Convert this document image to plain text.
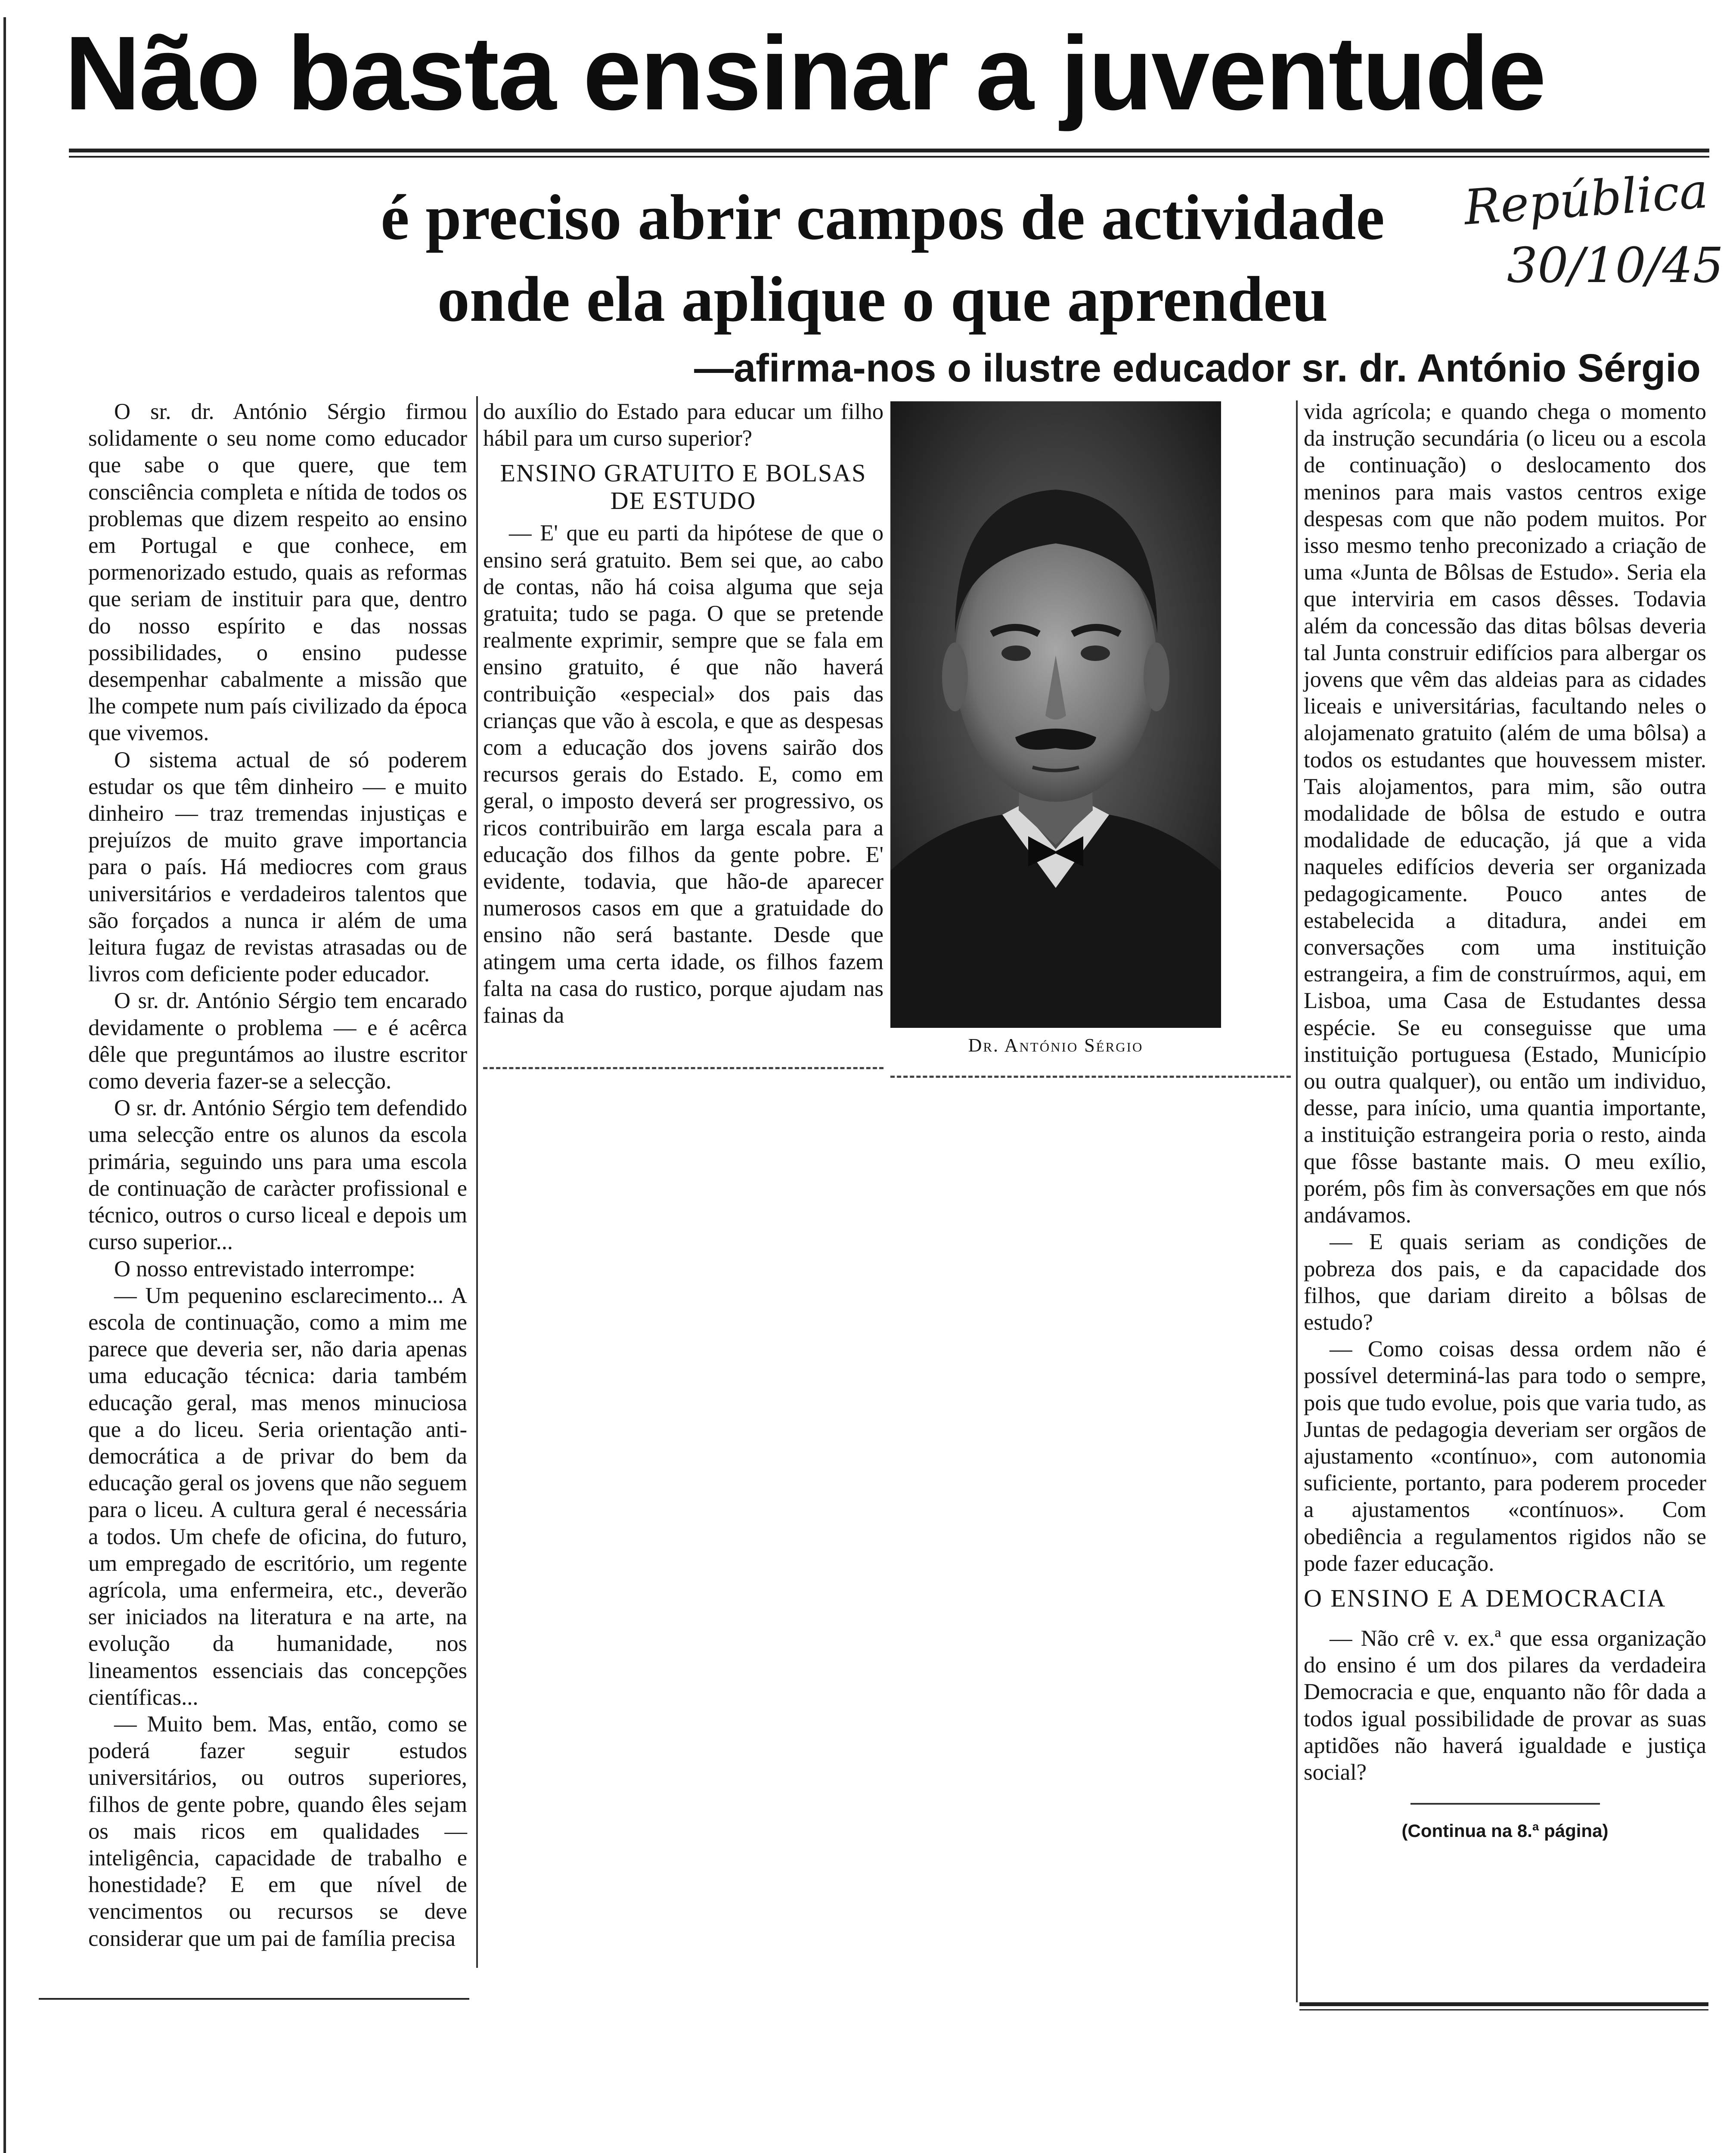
Não basta ensinar a juventude
é preciso abrir campos de actividade
onde ela aplique o que aprendeu
República
30/10/45
—afirma-nos o ilustre educador sr. dr. António Sérgio

O sr. dr. António Sérgio firmou solidamente o seu nome como educador que sabe o que quere, que tem consciência completa e nítida de todos os problemas que dizem respeito ao ensino em Portugal e que conhece, em pormenorizado estudo, quais as reformas que seriam de instituir para que, dentro do nosso espírito e das nossas possibilidades, o ensino pudesse desempenhar cabalmente a missão que lhe compete num país civilizado da época que vivemos.

O sistema actual de só poderem estudar os que têm dinheiro — e muito dinheiro — traz tremendas injustiças e prejuízos de muito grave importancia para o país. Há mediocres com graus universitários e verdadeiros talentos que são forçados a nunca ir além de uma leitura fugaz de revistas atrasadas ou de livros com deficiente poder educador.

O sr. dr. António Sérgio tem encarado devidamente o problema — e é acêrca dêle que preguntámos ao ilustre escritor como deveria fazer-se a selecção.

O sr. dr. António Sérgio tem defendido uma selecção entre os alunos da escola primária, seguindo uns para uma escola de continuação de caràcter profissional e técnico, outros o curso liceal e depois um curso superior...

O nosso entrevistado interrompe:

— Um pequenino esclarecimento... A escola de continuação, como a mim me parece que deveria ser, não daria apenas uma educação técnica: daria também educação geral, mas menos minuciosa que a do liceu. Seria orientação anti-democrática a de privar do bem da educação geral os jovens que não seguem para o liceu. A cultura geral é necessária a todos. Um chefe de oficina, do futuro, um empregado de escritório, um regente agrícola, uma enfermeira, etc., deverão ser iniciados na literatura e na arte, na evolução da humanidade, nos lineamentos essenciais das concepções científicas...

— Muito bem. Mas, então, como se poderá fazer seguir estudos universitários, ou outros superiores, filhos de gente pobre, quando êles sejam os mais ricos em qualidades — inteligência, capacidade de trabalho e honestidade? E em que nível de vencimentos ou recursos se deve considerar que um pai de família precisa

do auxílio do Estado para educar um filho hábil para um curso superior?

ENSINO GRATUITO E BOLSAS DE ESTUDO

— E' que eu parti da hipótese de que o ensino será gratuito. Bem sei que, ao cabo de contas, não há coisa alguma que seja gratuita; tudo se paga. O que se pretende realmente exprimir, sempre que se fala em ensino gratuito, é que não haverá contribuição «especial» dos pais das crianças que vão à escola, e que as despesas com a educação dos jovens sairão dos recursos gerais do Estado. E, como em geral, o imposto deverá ser progressivo, os ricos contribuirão em larga escala para a educação dos filhos da gente pobre. E' evidente, todavia, que hão-de aparecer numerosos casos em que a gratuidade do ensino não será bastante. Desde que atingem uma certa idade, os filhos fazem falta na casa do rustico, porque ajudam nas fainas da

Dr. António Sérgio

vida agrícola; e quando chega o momento da instrução secundária (o liceu ou a escola de continuação) o deslocamento dos meninos para mais vastos centros exige despesas com que não podem muitos. Por isso mesmo tenho preconizado a criação de uma «Junta de Bôlsas de Estudo». Seria ela que interviria em casos dêsses. Todavia além da concessão das ditas bôlsas deveria tal Junta construir edifícios para albergar os jovens que vêm das aldeias para as cidades liceais e universitárias, facultando neles o alojamenato gratuito (além de uma bôlsa) a todos os estudantes que houvessem mister. Tais alojamentos, para mim, são outra modalidade de bôlsa de estudo e outra modalidade de educação, já que a vida naqueles edifícios deveria ser organizada pedagogicamente. Pouco antes de estabelecida a ditadura, andei em conversações com uma instituição estrangeira, a fim de construírmos, aqui, em Lisboa, uma Casa de Estudantes dessa espécie. Se eu conseguisse que uma instituição portuguesa (Estado, Município ou outra qualquer), ou então um individuo, desse, para início, uma quantia importante, a instituição estrangeira poria o resto, ainda que fôsse bastante mais. O meu exílio, porém, pôs fim às conversações em que nós andávamos.

— E quais seriam as condições de pobreza dos pais, e da capacidade dos filhos, que dariam direito a bôlsas de estudo?

— Como coisas dessa ordem não é possível determiná-las para todo o sempre, pois que tudo evolue, pois que varia tudo, as Juntas de pedagogia deveriam ser orgãos de ajustamento «contínuo», com autonomia suficiente, portanto, para poderem proceder a ajustamentos «contínuos». Com obediência a regulamentos rigidos não se pode fazer educação.

O ENSINO E A DEMOCRACIA

— Não crê v. ex.ª que essa organização do ensino é um dos pilares da verdadeira Democracia e que, enquanto não fôr dada a todos igual possibilidade de provar as suas aptidões não haverá igualdade e justiça social?

(Continua na 8.ª página)
